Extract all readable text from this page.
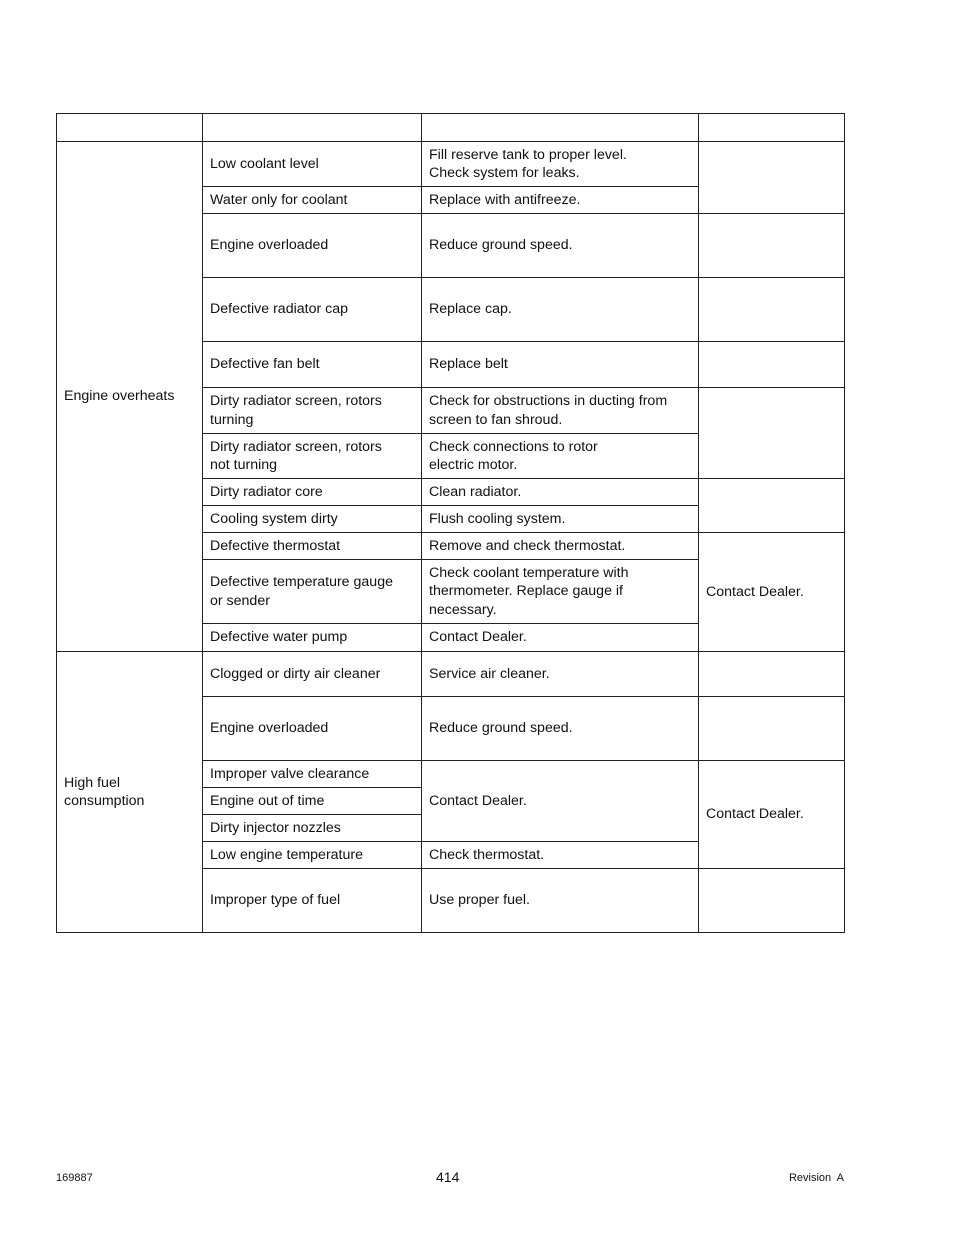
Engine overheats
High fuel
consumption
Low coolant level
Water only for coolant
Engine overloaded
Defective radiator cap
Defective fan belt
Dirty radiator screen, rotors
turning
Dirty radiator screen, rotors
not turning
Dirty radiator core
Cooling system dirty
Defective thermostat
Defective temperature gauge
or sender
Defective water pump
Clogged or dirty air cleaner
Engine overloaded
Improper valve clearance
Engine out of time
Dirty injector nozzles
Low engine temperature
Improper type of fuel
Fill reserve tank to proper level.
Check system for leaks.
Replace with antifreeze.
Reduce ground speed.
Replace cap.
Replace belt
Check for obstructions in ducting from
screen to fan shroud.
Check connections to rotor
electric motor.
Clean radiator.
Flush cooling system.
Remove and check thermostat.
Check coolant temperature with
thermometer. Replace gauge if
necessary.
Contact Dealer.
Service air cleaner.
Reduce ground speed.
Contact Dealer.
Check thermostat.
Use proper fuel.
Contact Dealer.
Contact Dealer.
169887	414	Revision  A
